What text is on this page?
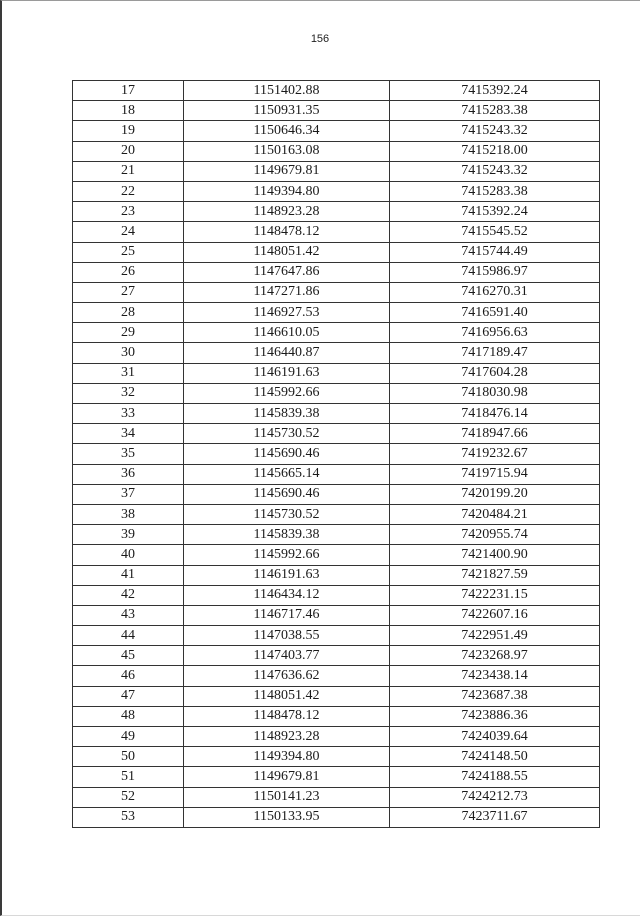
156
17	1151402.88	7415392.24
18	1150931.35	7415283.38
19	1150646.34	7415243.32
20	1150163.08	7415218.00
21	1149679.81	7415243.32
22	1149394.80	7415283.38
23	1148923.28	7415392.24
24	1148478.12	7415545.52
25	1148051.42	7415744.49
26	1147647.86	7415986.97
27	1147271.86	7416270.31
28	1146927.53	7416591.40
29	1146610.05	7416956.63
30	1146440.87	7417189.47
31	1146191.63	7417604.28
32	1145992.66	7418030.98
33	1145839.38	7418476.14
34	1145730.52	7418947.66
35	1145690.46	7419232.67
36	1145665.14	7419715.94
37	1145690.46	7420199.20
38	1145730.52	7420484.21
39	1145839.38	7420955.74
40	1145992.66	7421400.90
41	1146191.63	7421827.59
42	1146434.12	7422231.15
43	1146717.46	7422607.16
44	1147038.55	7422951.49
45	1147403.77	7423268.97
46	1147636.62	7423438.14
47	1148051.42	7423687.38
48	1148478.12	7423886.36
49	1148923.28	7424039.64
50	1149394.80	7424148.50
51	1149679.81	7424188.55
52	1150141.23	7424212.73
53	1150133.95	7423711.67
